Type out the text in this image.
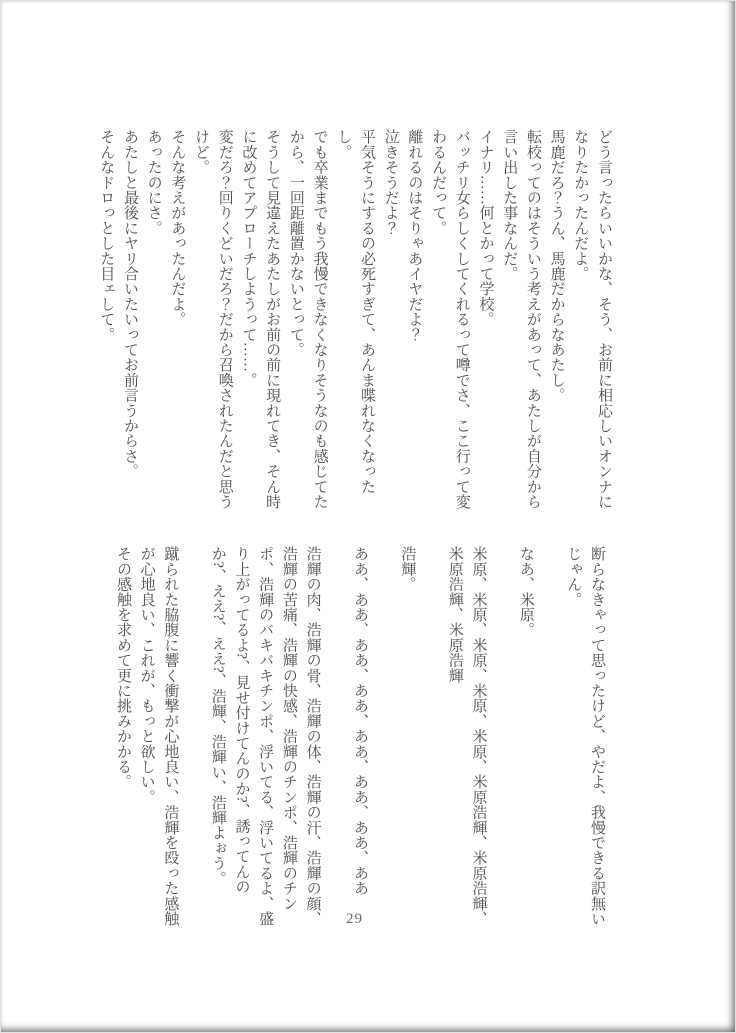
どう言ったらいいかな、そう、お前に相応しいオンナに

なりたかったんだよ。

馬鹿だろ？うん、馬鹿だからなあたし。

転校ってのはそういう考えがあって、あたしが自分から

言い出した事なんだ。

イナリ……何とかって学校。

バッチリ女らしくしてくれるって噂でさ、ここ行って変

わるんだって。

離れるのはそりゃあイヤだよ？

泣きそうだよ？

平気そうにするの必死すぎて、あんま喋れなくなった

し。

でも卒業までもう我慢できなくなりそうなのも感じてた

から、一回距離置かないとって。

そうして見違えたあたしがお前の前に現れてき、そん時

に改めてアプローチしようって……。

変だろ？回りくどいだろ？だから召喚されたんだと思う

けど。

そんな考えがあったんだよ。

あったのにさ。

あたしと最後にヤリ合いたいってお前言うからさ。

そんなドロっとした目ェして。

断らなきゃって思ったけど、やだよ、我慢できる訳無い

じゃん。

なあ、米原。

米原、米原、米原、米原、米原、米原浩輝、米原浩輝、

米原浩輝、米原浩輝

浩輝。

ああ、ああ、ああ、ああ、ああ、ああ、ああ、ああ

浩輝の肉、浩輝の骨、浩輝の体、浩輝の汗、浩輝の顔、

浩輝の苦痛、浩輝の快感、浩輝のチンポ、浩輝のチン

ポ、浩輝のバキバキチンポ、浮いてる、浮いてるよ、盛

り上がってるよ?、見せ付けてんのか?、誘ってんの

か?、ええ?、ええ?、浩輝、浩輝い、浩輝よぉう。

蹴られた脇腹に響く衝撃が心地良い、浩輝を殴った感触

が心地良い、これが、もっと欲しい。

その感触を求めて更に挑みかかる。

29
